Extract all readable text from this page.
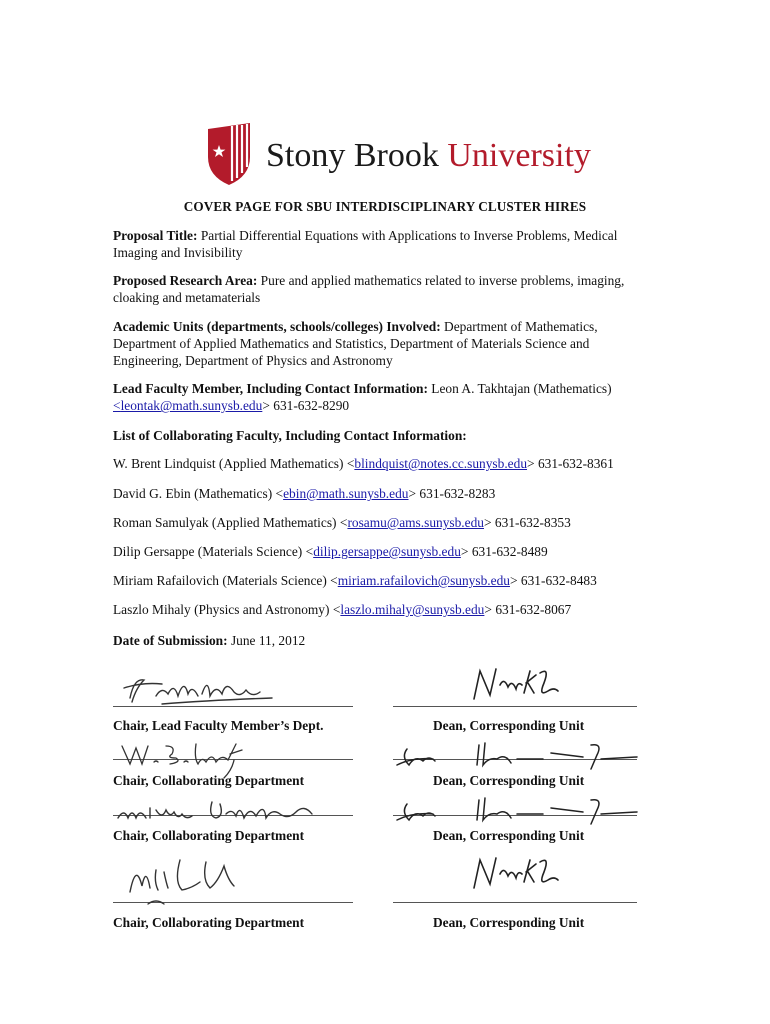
Stony Brook University
COVER PAGE FOR SBU INTERDISCIPLINARY CLUSTER HIRES
Proposal Title: Partial Differential Equations with Applications to Inverse Problems, Medical Imaging and Invisibility
Proposed Research Area: Pure and applied mathematics related to inverse problems, imaging, cloaking and metamaterials
Academic Units (departments, schools/colleges) Involved: Department of Mathematics, Department of Applied Mathematics and Statistics, Department of Materials Science and Engineering, Department of Physics and Astronomy
Lead Faculty Member, Including Contact Information: Leon A. Takhtajan (Mathematics)
<leontak@math.sunysb.edu> 631-632-8290
List of Collaborating Faculty, Including Contact Information:
W. Brent Lindquist (Applied Mathematics) <blindquist@notes.cc.sunysb.edu> 631-632-8361
David G. Ebin (Mathematics) <ebin@math.sunysb.edu> 631-632-8283
Roman Samulyak (Applied Mathematics) <rosamu@ams.sunysb.edu> 631-632-8353
Dilip Gersappe (Materials Science) <dilip.gersappe@sunysb.edu> 631-632-8489
Miriam Rafailovich (Materials Science) <miriam.rafailovich@sunysb.edu> 631-632-8483
Laszlo Mihaly (Physics and Astronomy) <laszlo.mihaly@sunysb.edu> 631-632-8067
Date of Submission: June 11, 2012
Chair, Lead Faculty Member’s Dept.	Dean, Corresponding Unit
Chair, Collaborating Department	Dean, Corresponding Unit
Chair, Collaborating Department	Dean, Corresponding Unit
Chair, Collaborating Department	Dean, Corresponding Unit
